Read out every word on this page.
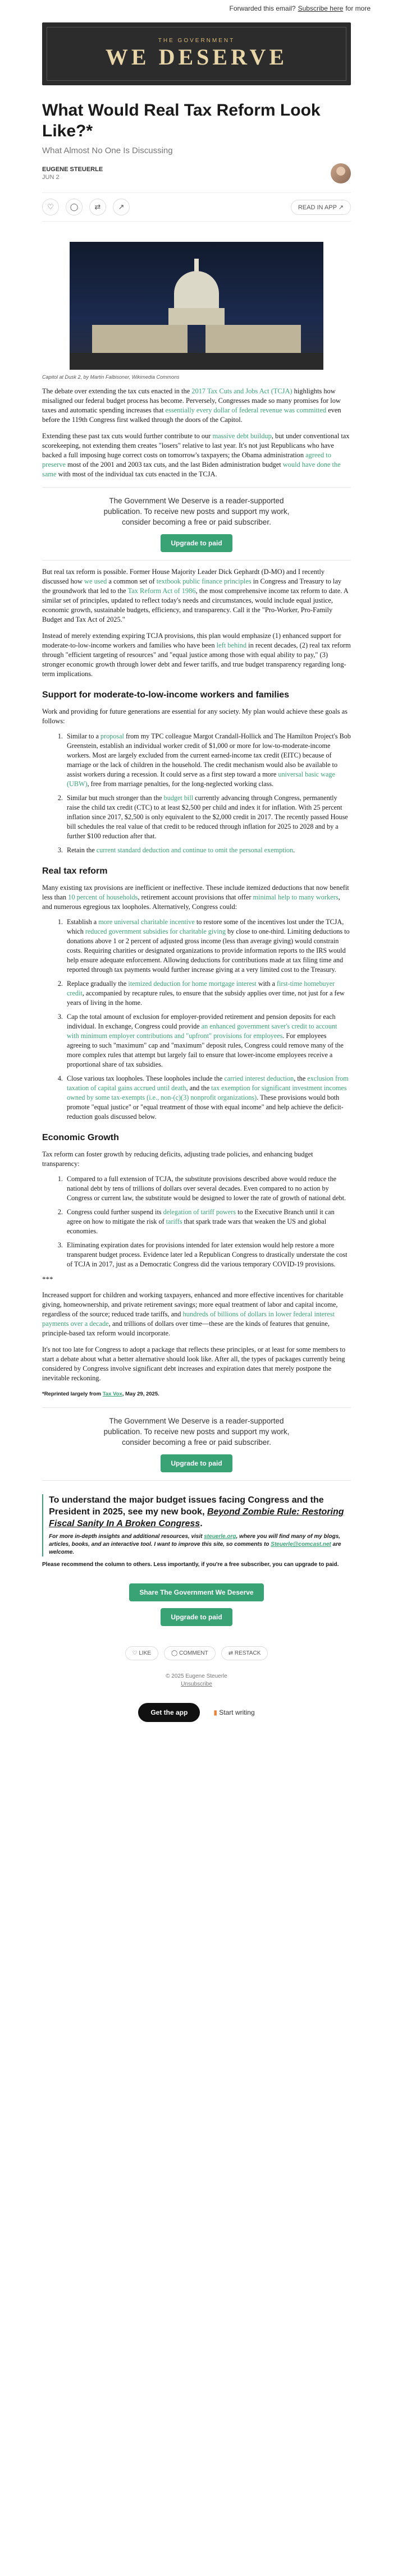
Forwarded this email? Subscribe here for more
THE GOVERNMENT
WE DESERVE
What Would Real Tax Reform Look Like?*
What Almost No One Is Discussing
EUGENE STEUERLE
JUN 2
♡	◯	⇄	↗	READ IN APP ↗
Capitol at Dusk 2, by Martin Falbisoner, Wikimedia Commons

The debate over extending the tax cuts enacted in the 2017 Tax Cuts and Jobs Act (TCJA) highlights how misaligned our federal budget process has become. Perversely, Congresses made so many promises for low taxes and automatic spending increases that essentially every dollar of federal revenue was committed even before the 119th Congress first walked through the doors of the Capitol.

Extending these past tax cuts would further contribute to our massive debt buildup, but under conventional tax scorekeeping, not extending them creates "losers" relative to last year. It's not just Republicans who have backed a full imposing huge correct costs on tomorrow's taxpayers; the Obama administration agreed to preserve most of the 2001 and 2003 tax cuts, and the last Biden administration budget would have done the same with most of the individual tax cuts enacted in the TCJA.

The Government We Deserve is a reader-supported publication. To receive new posts and support my work, consider becoming a free or paid subscriber.
Upgrade to paid

But real tax reform is possible. Former House Majority Leader Dick Gephardt (D-MO) and I recently discussed how we used a common set of textbook public finance principles in Congress and Treasury to lay the groundwork that led to the Tax Reform Act of 1986, the most comprehensive income tax reform to date. A similar set of principles, updated to reflect today's needs and circumstances, would include equal justice, economic growth, sustainable budgets, efficiency, and transparency. Call it the "Pro-Worker, Pro-Family Budget and Tax Act of 2025."

Instead of merely extending expiring TCJA provisions, this plan would emphasize (1) enhanced support for moderate-to-low-income workers and families who have been left behind in recent decades, (2) real tax reform through "efficient targeting of resources" and "equal justice among those with equal ability to pay," (3) stronger economic growth through lower debt and fewer tariffs, and true budget transparency regarding long-term implications.

Support for moderate-to-low-income workers and families

Work and providing for future generations are essential for any society. My plan would achieve these goals as follows:

1. Similar to a proposal from my TPC colleague Margot Crandall-Hollick and The Hamilton Project's Bob Greenstein, establish an individual worker credit of $1,000 or more for low-to-moderate-income workers. Most are largely excluded from the current earned-income tax credit (EITC) because of marriage or the lack of children in the household. The credit mechanism would also be available to assist workers during a recession. It could serve as a first step toward a more universal basic wage (UBW), free from marriage penalties, for the long-neglected working class.
2. Similar but much stronger than the budget bill currently advancing through Congress, permanently raise the child tax credit (CTC) to at least $2,500 per child and index it for inflation. With 25 percent inflation since 2017, $2,500 is only equivalent to the $2,000 credit in 2017. The recently passed House bill schedules the real value of that credit to be reduced through inflation for 2025 to 2028 and by a further $100 reduction after that.
3. Retain the current standard deduction and continue to omit the personal exemption.
Real tax reform

Many existing tax provisions are inefficient or ineffective. These include itemized deductions that now benefit less than 10 percent of households, retirement account provisions that offer minimal help to many workers, and numerous egregious tax loopholes. Alternatively, Congress could:

1. Establish a more universal charitable incentive to restore some of the incentives lost under the TCJA, which reduced government subsidies for charitable giving by close to one-third. Limiting deductions to donations above 1 or 2 percent of adjusted gross income (less than average giving) would constrain costs. Requiring charities or designated organizations to provide information reports to the IRS would help ensure adequate enforcement. Allowing deductions for contributions made at tax filing time and reported through tax payments would further increase giving at a very limited cost to the Treasury.
2. Replace gradually the itemized deduction for home mortgage interest with a first-time homebuyer credit, accompanied by recapture rules, to ensure that the subsidy applies over time, not just for a few years of living in the home.
3. Cap the total amount of exclusion for employer-provided retirement and pension deposits for each individual. In exchange, Congress could provide an enhanced government saver's credit to account with minimum employer contributions and "upfront" provisions for employees. For employees agreeing to such "maximum" cap and "maximum" deposit rules, Congress could remove many of the more complex rules that attempt but largely fail to ensure that lower-income employees receive a proportional share of tax subsidies.
4. Close various tax loopholes. These loopholes include the carried interest deduction, the exclusion from taxation of capital gains accrued until death, and the tax exemption for significant investment incomes owned by some tax-exempts (i.e., non-(c)(3) nonprofit organizations). These provisions would both promote "equal justice" or "equal treatment of those with equal income" and help achieve the deficit-reduction goals discussed below.
Economic Growth

Tax reform can foster growth by reducing deficits, adjusting trade policies, and enhancing budget transparency:

1. Compared to a full extension of TCJA, the substitute provisions described above would reduce the national debt by tens of trillions of dollars over several decades. Even compared to no action by Congress or current law, the substitute would be designed to lower the rate of growth of national debt.
2. Congress could further suspend its delegation of tariff powers to the Executive Branch until it can agree on how to mitigate the risk of tariffs that spark trade wars that weaken the US and global economies.
3. Eliminating expiration dates for provisions intended for later extension would help restore a more transparent budget process. Evidence later led a Republican Congress to drastically understate the cost of TCJA in 2017, just as a Democratic Congress did the various temporary COVID-19 provisions.
***

Increased support for children and working taxpayers, enhanced and more effective incentives for charitable giving, homeownership, and private retirement savings; more equal treatment of labor and capital income, regardless of the source; reduced trade tariffs, and hundreds of billions of dollars in lower federal interest payments over a decade, and trillions of dollars over time—these are the kinds of features that genuine, principle-based tax reform would incorporate.

It's not too late for Congress to adopt a package that reflects these principles, or at least for some members to start a debate about what a better alternative should look like. After all, the types of packages currently being considered by Congress involve significant debt increases and expiration dates that merely postpone the inevitable reckoning.

*Reprinted largely from Tax Vox, May 29, 2025.
The Government We Deserve is a reader-supported publication. To receive new posts and support my work, consider becoming a free or paid subscriber.
Upgrade to paid
To understand the major budget issues facing Congress and the President in 2025, see my new book, Beyond Zombie Rule: Restoring Fiscal Sanity In A Broken Congress.
For more in-depth insights and additional resources, visit steuerle.org, where you will find many of my blogs, articles, books, and an interactive tool. I want to improve this site, so comments to Steuerle@comcast.net are welcome.
Please recommend the column to others. Less importantly, if you're a free subscriber, you can upgrade to paid.
Share The Government We Deserve
Upgrade to paid
♡ LIKE	◯ COMMENT	⇄ RESTACK
© 2025 Eugene Steuerle
Unsubscribe
Get the app	▮ Start writing
